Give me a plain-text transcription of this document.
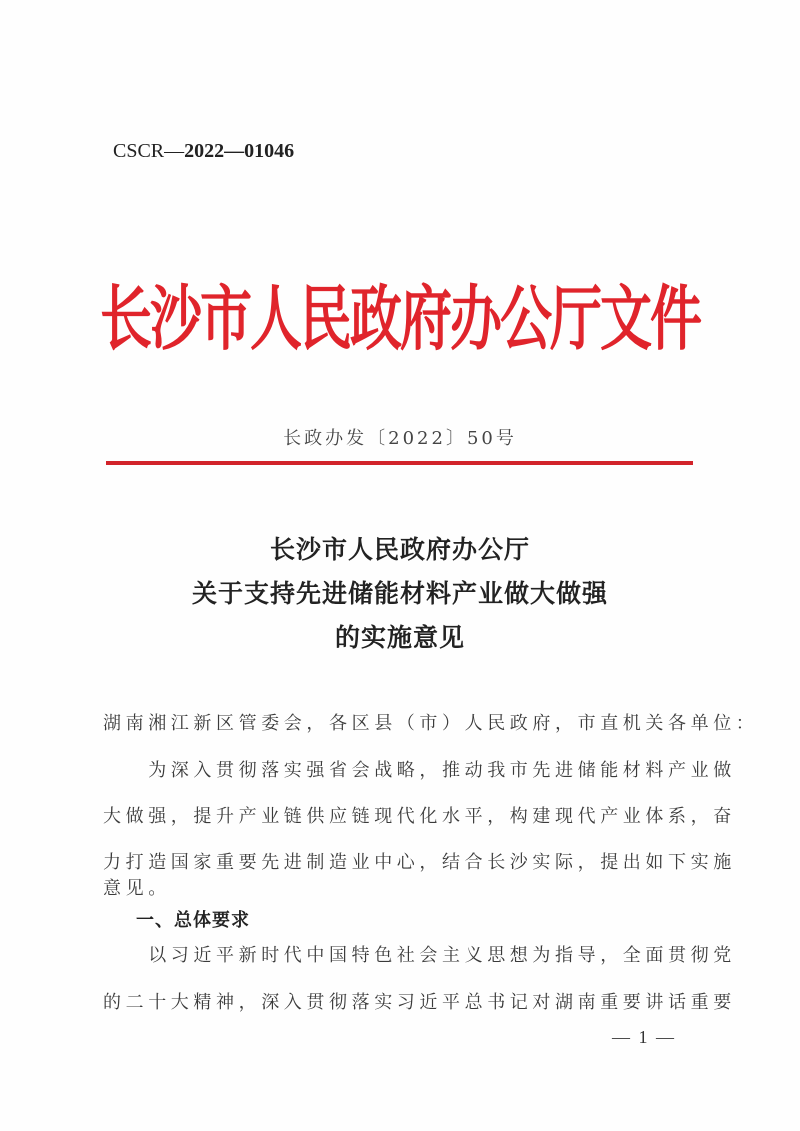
CSCR—2022—01046
长沙市人民政府办公厅文件
长政办发〔2022〕50号
长沙市人民政府办公厅
关于支持先进储能材料产业做大做强
的实施意见
湖南湘江新区管委会，各区县（市）人民政府，市直机关各单位：
　　为深入贯彻落实强省会战略，推动我市先进储能材料产业做
大做强，提升产业链供应链现代化水平，构建现代产业体系，奋
力打造国家重要先进制造业中心，结合长沙实际，提出如下实施
意见。
一、总体要求
　　以习近平新时代中国特色社会主义思想为指导，全面贯彻党
的二十大精神，深入贯彻落实习近平总书记对湖南重要讲话重要
— 1 —
